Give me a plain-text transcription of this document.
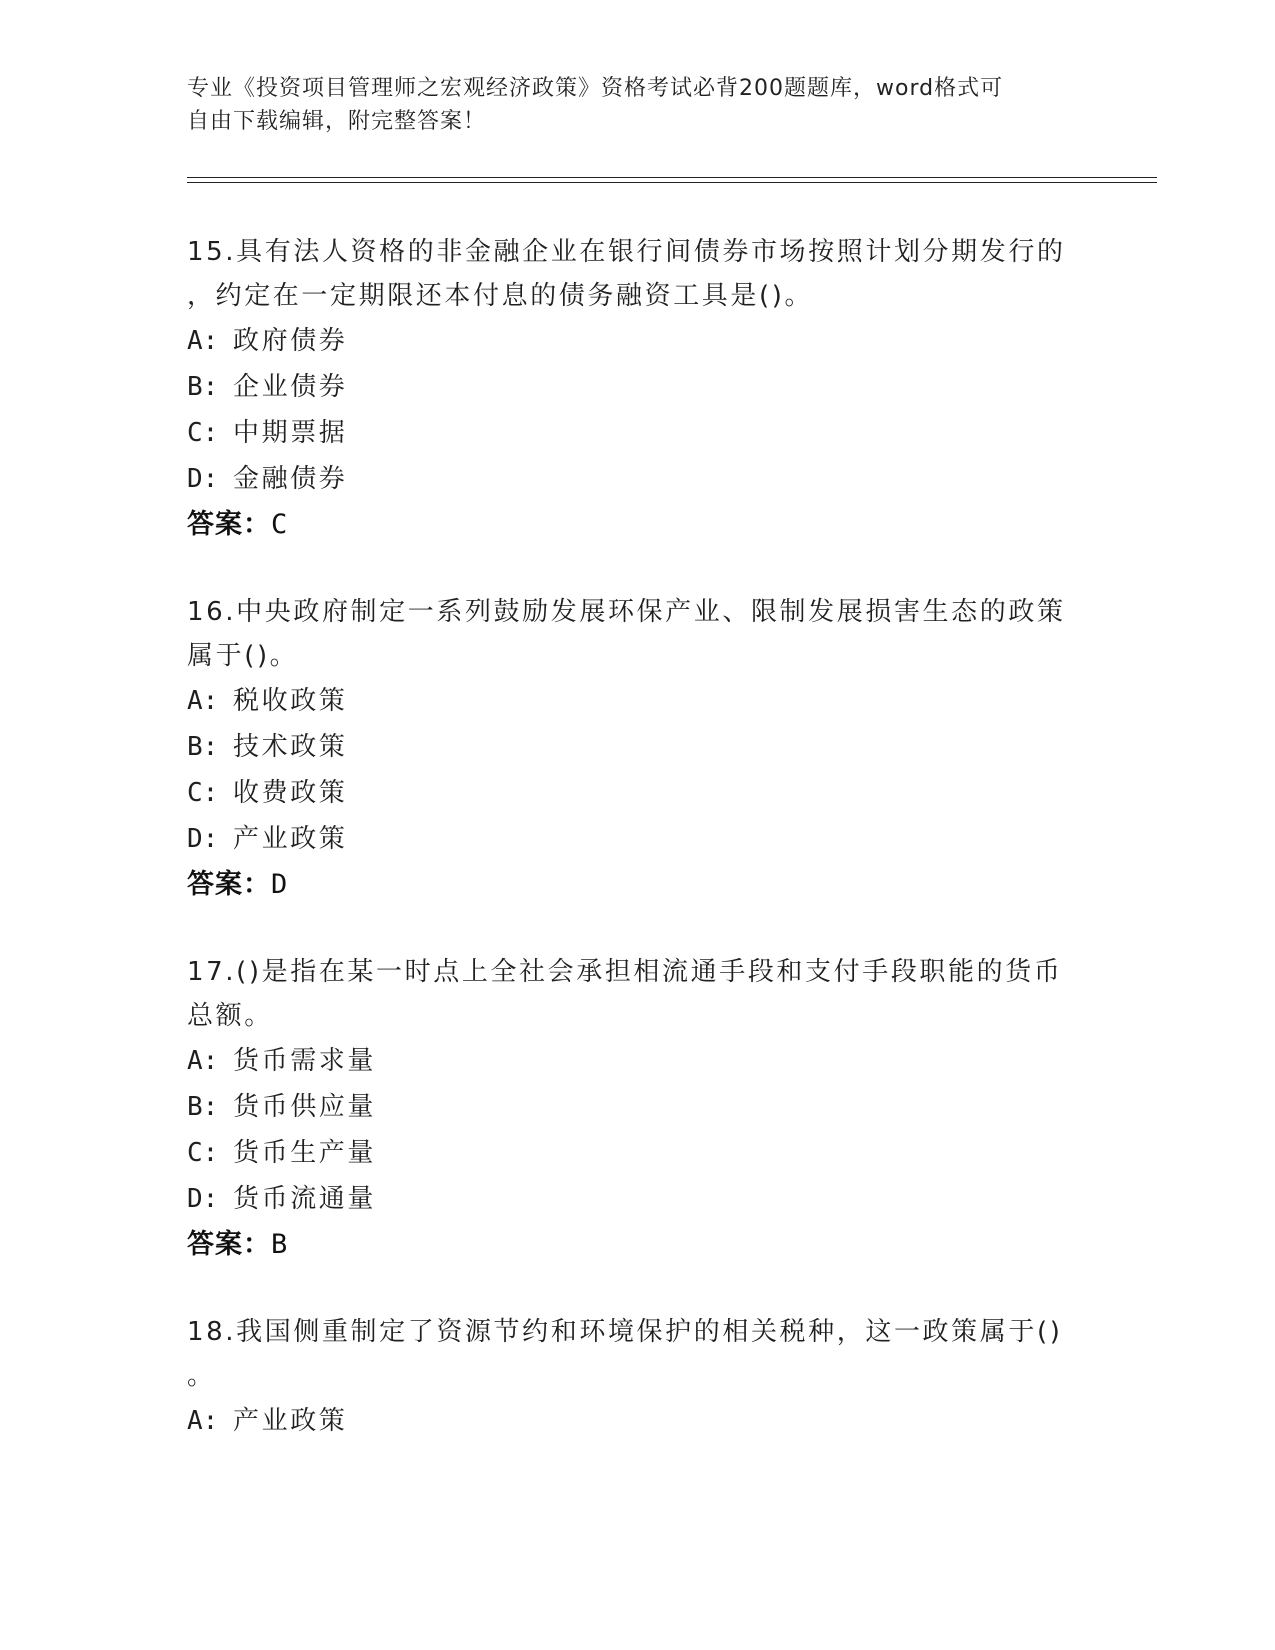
专业《投资项目管理师之宏观经济政策》资格考试必背200题题库，word格式可
自由下载编辑，附完整答案！

15.具有法人资格的非金融企业在银行间债券市场按照计划分期发行的

，约定在一定期限还本付息的债务融资工具是()。

A: 政府债券

B: 企业债券

C: 中期票据

D: 金融债券

答案：C

16.中央政府制定一系列鼓励发展环保产业、限制发展损害生态的政策

属于()。

A: 税收政策

B: 技术政策

C: 收费政策

D: 产业政策

答案：D

17.()是指在某一时点上全社会承担相流通手段和支付手段职能的货币

总额。

A: 货币需求量

B: 货币供应量

C: 货币生产量

D: 货币流通量

答案：B

18.我国侧重制定了资源节约和环境保护的相关税种，这一政策属于()

。

A: 产业政策
